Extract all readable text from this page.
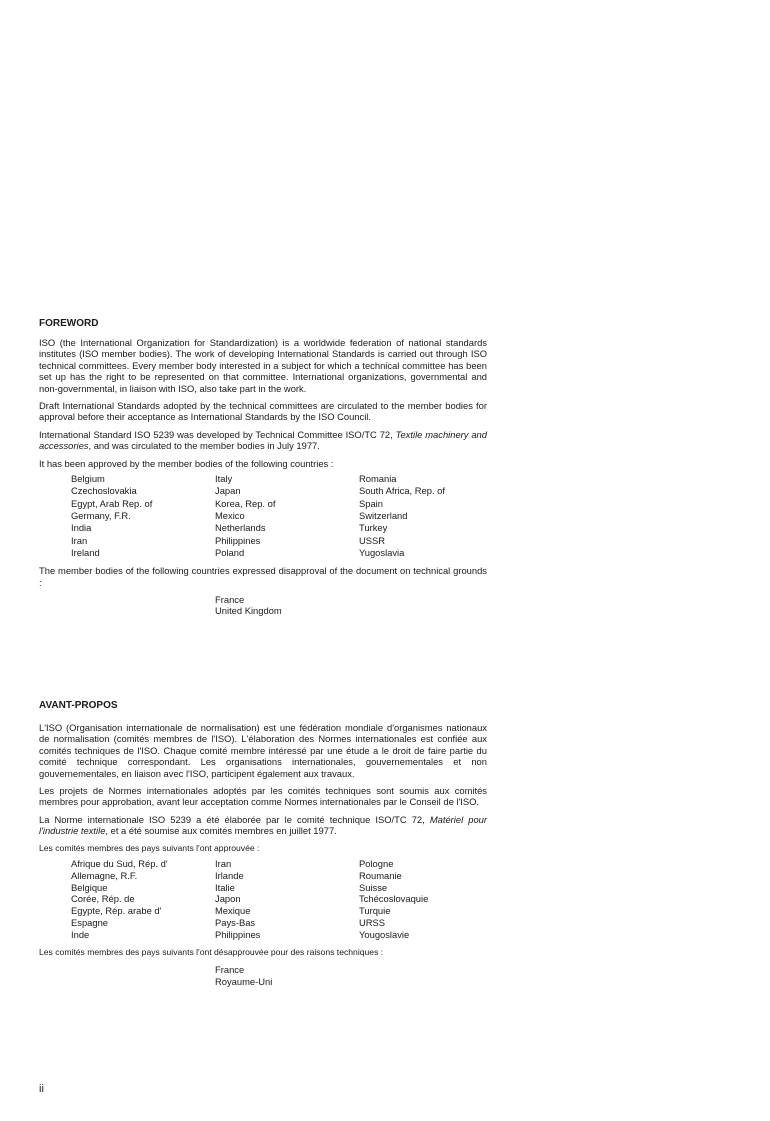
FOREWORD

ISO (the International Organization for Standardization) is a worldwide federation of national standards institutes (ISO member bodies). The work of developing International Standards is carried out through ISO technical committees. Every member body interested in a subject for which a technical committee has been set up has the right to be represented on that committee. International organizations, governmental and non-governmental, in liaison with ISO, also take part in the work.

Draft International Standards adopted by the technical committees are circulated to the member bodies for approval before their acceptance as International Standards by the ISO Council.

International Standard ISO 5239 was developed by Technical Committee ISO/TC 72, Textile machinery and accessories, and was circulated to the member bodies in July 1977.

It has been approved by the member bodies of the following countries :

Belgium
Czechoslovakia
Egypt, Arab Rep. of
Germany, F.R.
India
Iran
Ireland
Italy
Japan
Korea, Rep. of
Mexico
Netherlands
Philippines
Poland
Romania
South Africa, Rep. of
Spain
Switzerland
Turkey
USSR
Yugoslavia

The member bodies of the following countries expressed disapproval of the document on technical grounds :

France
United Kingdom
AVANT-PROPOS

L'ISO (Organisation internationale de normalisation) est une fédération mondiale d'organismes nationaux de normalisation (comités membres de l'ISO). L'élaboration des Normes internationales est confiée aux comités techniques de l'ISO. Chaque comité membre intéressé par une étude a le droit de faire partie du comité technique correspondant. Les organisations internationales, gouvernementales et non gouvernementales, en liaison avec l'ISO, participent également aux travaux.

Les projets de Normes internationales adoptés par les comités techniques sont soumis aux comités membres pour approbation, avant leur acceptation comme Normes internationales par le Conseil de l'ISO.

La Norme internationale ISO 5239 a été élaborée par le comité technique ISO/TC 72, Matériel pour l'industrie textile, et a été soumise aux comités membres en juillet 1977.

Les comités membres des pays suivants l'ont approuvée :

Afrique du Sud, Rép. d'
Allemagne, R.F.
Belgique
Corée, Rép. de
Egypte, Rép. arabe d'
Espagne
Inde
Iran
Irlande
Italie
Japon
Mexique
Pays-Bas
Philippines
Pologne
Roumanie
Suisse
Tchécoslovaquie
Turquie
URSS
Yougoslavie

Les comités membres des pays suivants l'ont désapprouvée pour des raisons techniques :

France
Royaume-Uni
ii
